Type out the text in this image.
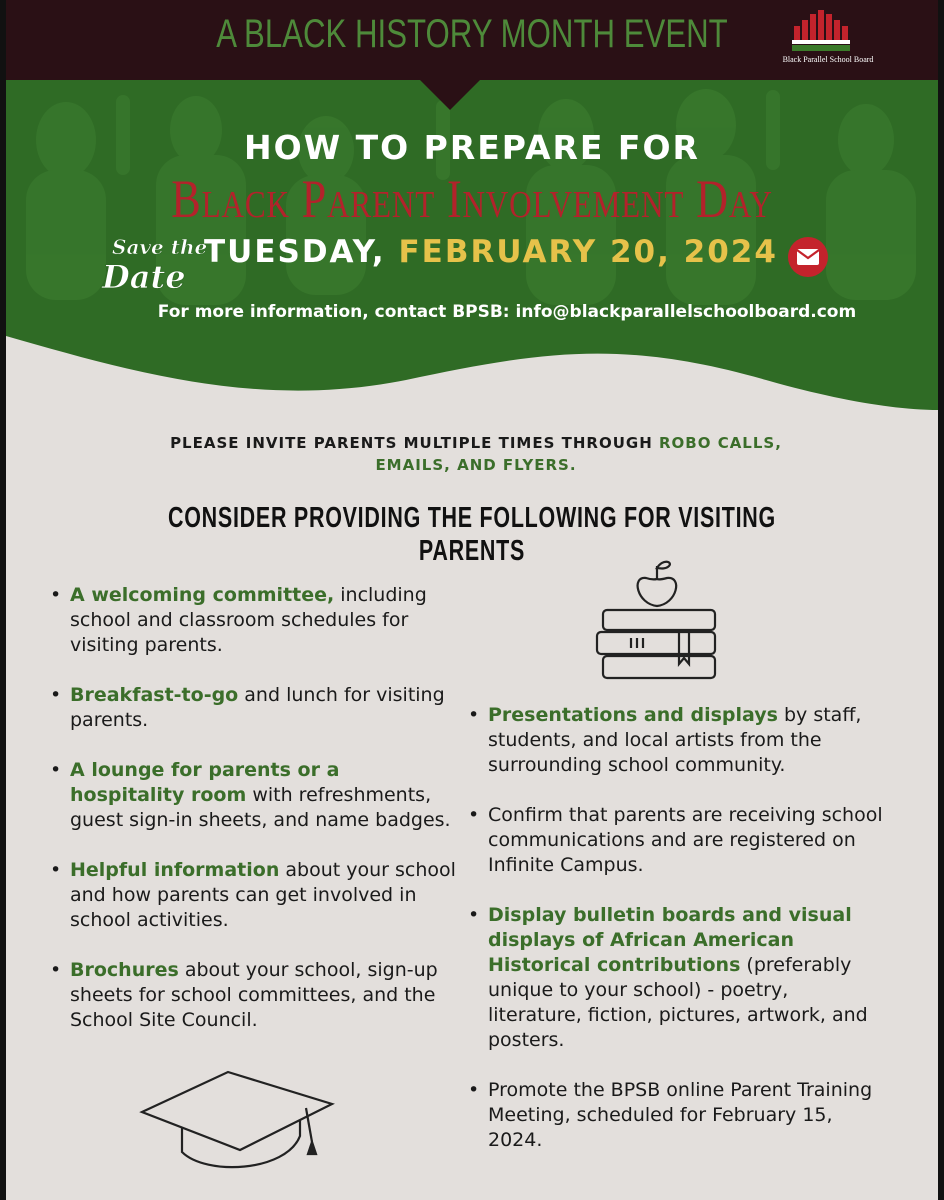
A BLACK HISTORY MONTH EVENT
Black Parallel School Board
HOW TO PREPARE FOR
Black Parent Involvement Day
Save the
Date
TUESDAY, FEBRUARY 20, 2024
For more information, contact BPSB: info@blackparallelschoolboard.com
PLEASE INVITE PARENTS MULTIPLE TIMES THROUGH ROBO CALLS, EMAILS, AND FLYERS.
CONSIDER PROVIDING THE FOLLOWING FOR VISITING PARENTS
• A welcoming committee, including school and classroom schedules for visiting parents.
• Breakfast-to-go and lunch for visiting parents.
• A lounge for parents or a hospitality room with refreshments, guest sign-in sheets, and name badges.
• Helpful information about your school and how parents can get involved in school activities.
• Brochures about your school, sign-up sheets for school committees, and the School Site Council.
• Presentations and displays by staff, students, and local artists from the surrounding school community.
• Confirm that parents are receiving school communications and are registered on Infinite Campus.
• Display bulletin boards and visual displays of African American Historical contributions (preferably unique to your school) - poetry, literature, fiction, pictures, artwork, and posters.
• Promote the BPSB online Parent Training Meeting, scheduled for February 15, 2024.
